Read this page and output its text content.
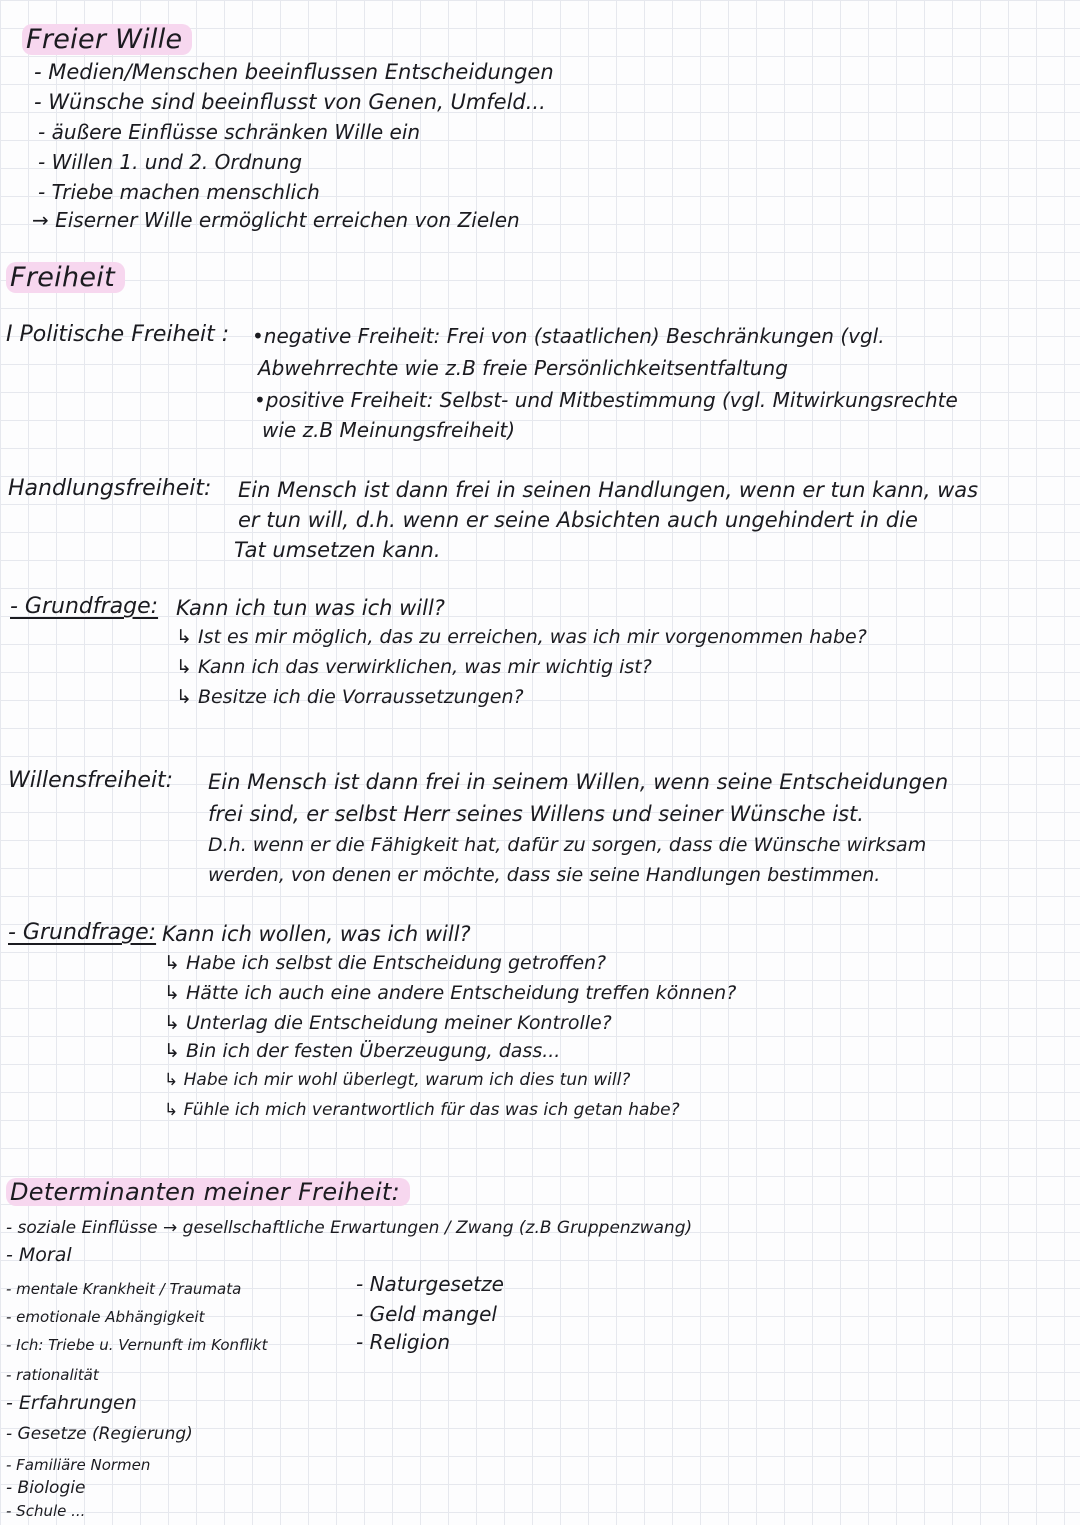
Freier Wille
- Medien/Menschen beeinflussen Entscheidungen
- Wünsche sind beeinflusst von Genen, Umfeld...
- äußere Einflüsse schränken Wille ein
- Willen 1. und 2. Ordnung
- Triebe machen menschlich
→ Eiserner Wille ermöglicht erreichen von Zielen
Freiheit
I Politische Freiheit : •negative Freiheit: Frei von (staatlichen) Beschränkungen (vgl.
Abwehrrechte wie z.B freie Persönlichkeitsentfaltung
•positive Freiheit: Selbst- und Mitbestimmung (vgl. Mitwirkungsrechte
wie z.B Meinungsfreiheit)
Handlungsfreiheit: Ein Mensch ist dann frei in seinen Handlungen, wenn er tun kann, was
er tun will, d.h. wenn er seine Absichten auch ungehindert in die
Tat umsetzen kann.
- Grundfrage: Kann ich tun was ich will?
↳ Ist es mir möglich, das zu erreichen, was ich mir vorgenommen habe?
↳ Kann ich das verwirklichen, was mir wichtig ist?
↳ Besitze ich die Vorraussetzungen?
Willensfreiheit: Ein Mensch ist dann frei in seinem Willen, wenn seine Entscheidungen
frei sind, er selbst Herr seines Willens und seiner Wünsche ist.
D.h. wenn er die Fähigkeit hat, dafür zu sorgen, dass die Wünsche wirksam
werden, von denen er möchte, dass sie seine Handlungen bestimmen.
- Grundfrage: Kann ich wollen, was ich will?
↳ Habe ich selbst die Entscheidung getroffen?
↳ Hätte ich auch eine andere Entscheidung treffen können?
↳ Unterlag die Entscheidung meiner Kontrolle?
↳ Bin ich der festen Überzeugung, dass...
↳ Habe ich mir wohl überlegt, warum ich dies tun will?
↳ Fühle ich mich verantwortlich für das was ich getan habe?
Determinanten meiner Freiheit:
- soziale Einflüsse → gesellschaftliche Erwartungen / Zwang (z.B Gruppenzwang)
- Moral
- mentale Krankheit / Traumata
- emotionale Abhängigkeit
- Ich: Triebe u. Vernunft im Konflikt
- rationalität
- Erfahrungen
- Gesetze (Regierung)
- Familiäre Normen
- Biologie
- Schule ...
- Naturgesetze
- Geld mangel
- Religion
